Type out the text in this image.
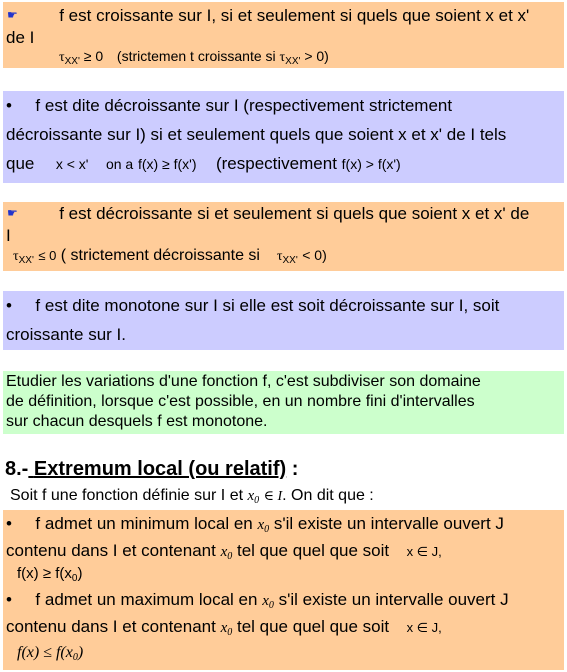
☛ f est croissante sur I, si et seulement si quels que soient x et x'
de I
$\tau_{XX'} \ge 0$ (strictemen t croissante si $\tau_{XX'} > 0$)
• f est dite décroissante sur I (respectivement strictement
décroissante sur I) si et seulement quels que soient x et x' de I tels
que x < x' on a f(x) ≥ f(x') (respectivement f(x) > f(x')
☛ f est décroissante si et seulement si quels que soient x et x' de
I
$\tau_{XX'} \le 0$ ( strictement décroissante si $\tau_{XX'} < 0$)
• f est dite monotone sur I si elle est soit décroissante sur I, soit
croissante sur I.
Etudier les variations d'une fonction f, c'est subdiviser son domaine
de définition, lorsque c'est possible, en un nombre fini d'intervalles
sur chacun desquels f est monotone.
8.- Extremum local (ou relatif) :
Soit f une fonction définie sur I et $x_0$ ∈ I. On dit que :
• f admet un minimum local en $x_0$ s'il existe un intervalle ouvert J
contenu dans I et contenant $x_0$ tel que quel que soit x ∈ J,
$f(x) \ge f(x_0)$
• f admet un maximum local en $x_0$ s'il existe un intervalle ouvert J
contenu dans I et contenant $x_0$ tel que quel que soit x ∈ J,
$f(x) \le f(x_0)$
